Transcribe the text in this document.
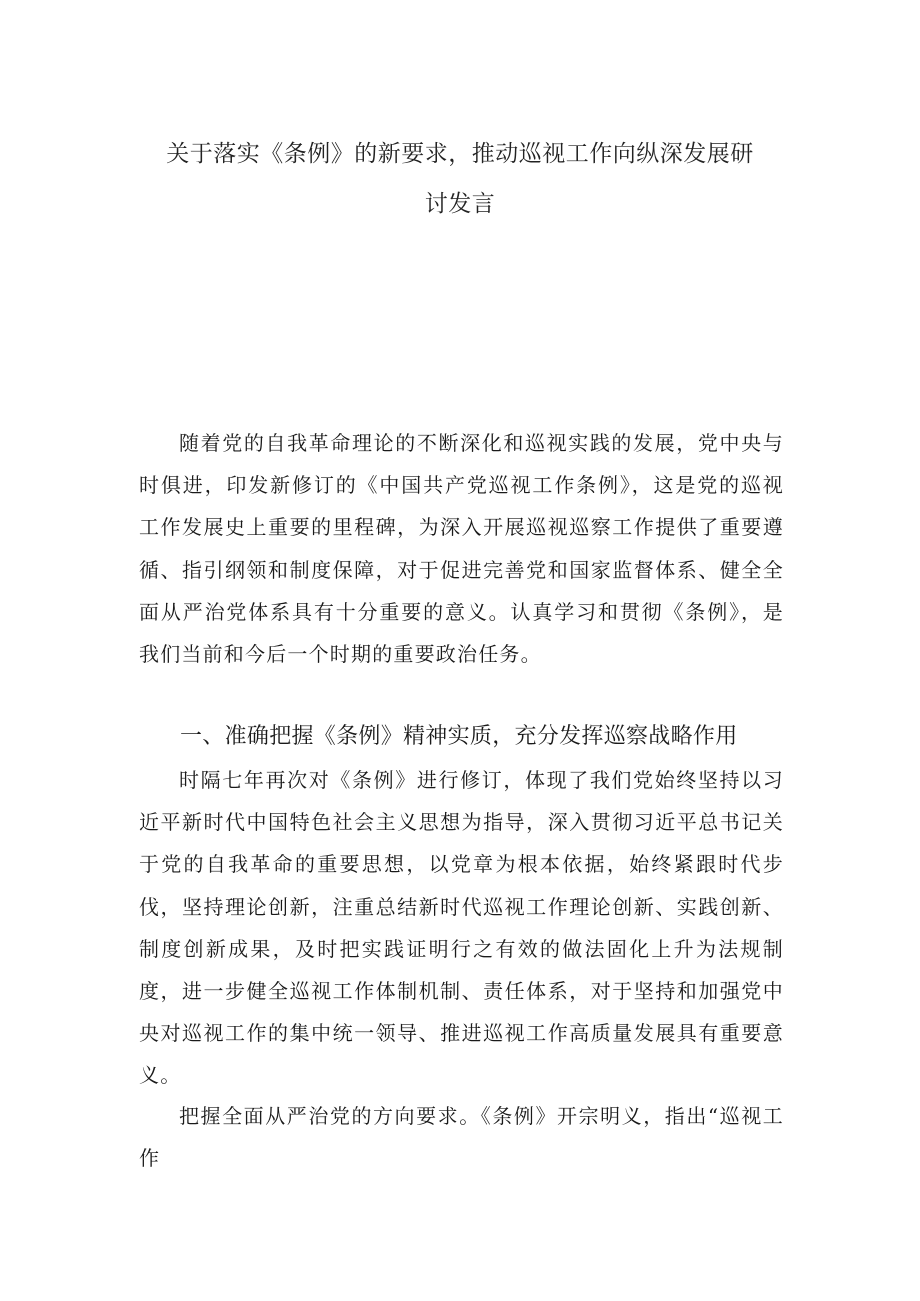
关于落实《条例》的新要求，推动巡视工作向纵深发展研
讨发言
随着党的自我革命理论的不断深化和巡视实践的发展，党中央与时俱进，印发新修订的《中国共产党巡视工作条例》，这是党的巡视工作发展史上重要的里程碑，为深入开展巡视巡察工作提供了重要遵循、指引纲领和制度保障，对于促进完善党和国家监督体系、健全全面从严治党体系具有十分重要的意义。认真学习和贯彻《条例》，是我们当前和今后一个时期的重要政治任务。
一、准确把握《条例》精神实质，充分发挥巡察战略作用
时隔七年再次对《条例》进行修订，体现了我们党始终坚持以习近平新时代中国特色社会主义思想为指导，深入贯彻习近平总书记关于党的自我革命的重要思想，以党章为根本依据，始终紧跟时代步伐，坚持理论创新，注重总结新时代巡视工作理论创新、实践创新、制度创新成果，及时把实践证明行之有效的做法固化上升为法规制度，进一步健全巡视工作体制机制、责任体系，对于坚持和加强党中央对巡视工作的集中统一领导、推进巡视工作高质量发展具有重要意义。
把握全面从严治党的方向要求。《条例》开宗明义，指出“巡视工作
